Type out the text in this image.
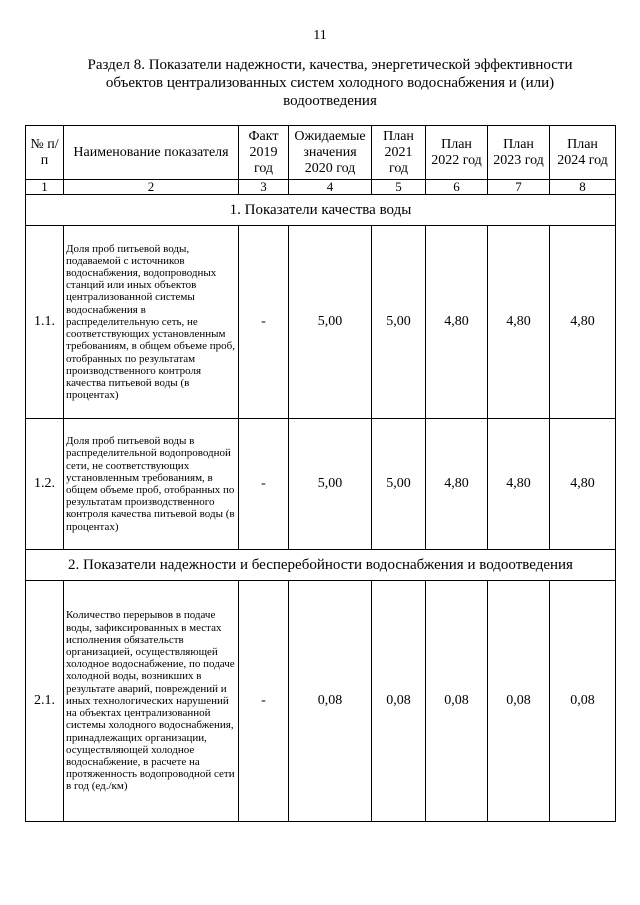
11
Раздел 8. Показатели надежности, качества, энергетической эффективности объектов централизованных систем холодного водоснабжения и (или) водоотведения
№ п/п	Наименование показателя	Факт 2019 год	Ожидаемые значения 2020 год	План 2021 год	План 2022 год	План 2023 год	План 2024 год
1	2	3	4	5	6	7	8
1. Показатели качества воды							
1.1.	Доля проб питьевой воды, подаваемой с источников водоснабжения, водопроводных станций или иных объектов централизованной системы водоснабжения в распределительную сеть, не соответствующих установленным требованиям, в общем объеме проб, отобранных по результатам производственного контроля качества питьевой воды (в процентах)	-	5,00	5,00	4,80	4,80	4,80
1.2.	Доля проб питьевой воды в распределительной водопроводной сети, не соответствующих установленным требованиям, в общем объеме проб, отобранных по результатам производственного контроля качества питьевой воды (в процентах)	-	5,00	5,00	4,80	4,80	4,80
2. Показатели надежности и бесперебойности водоснабжения и водоотведения							
2.1.	Количество перерывов в подаче воды, зафиксированных в местах исполнения обязательств организацией, осуществляющей холодное водоснабжение, по подаче холодной воды, возникших в результате аварий, повреждений и иных технологических нарушений на объектах централизованной системы холодного водоснабжения, принадлежащих организации, осуществляющей холодное водоснабжение, в расчете на протяженность водопроводной сети в год (ед./км)	-	0,08	0,08	0,08	0,08	0,08
